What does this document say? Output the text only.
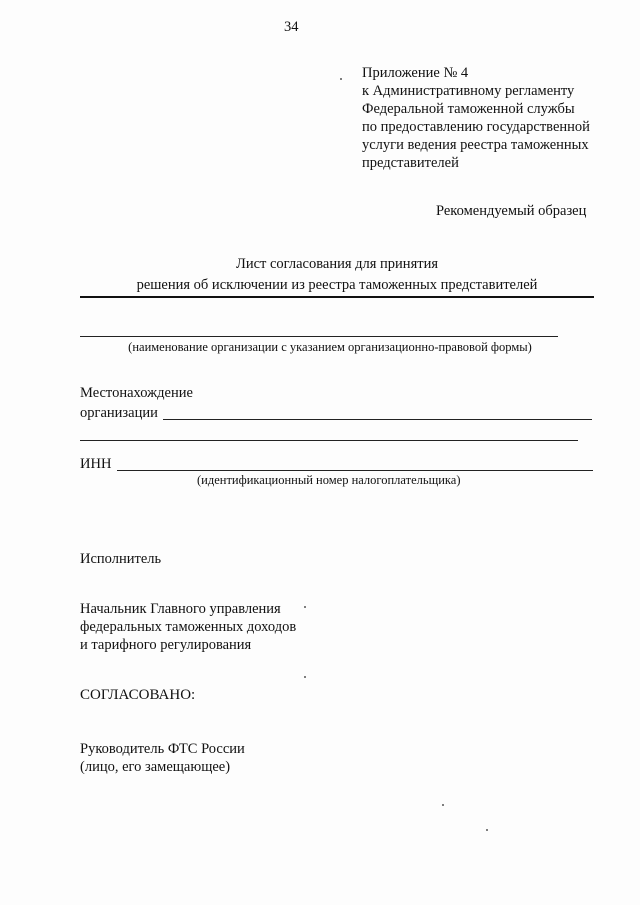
34
Приложение № 4
к Административному регламенту
Федеральной таможенной службы
по предоставлению государственной
услуги ведения реестра таможенных
представителей
Рекомендуемый образец
Лист согласования для принятия
решения об исключении из реестра таможенных представителей
(наименование организации с указанием организационно-правовой формы)
Местонахождение
организации
ИНН
(идентификационный номер налогоплательщика)
Исполнитель
Начальник Главного управления
федеральных таможенных доходов
и тарифного регулирования
СОГЛАСОВАНО:
Руководитель ФТС России
(лицо, его замещающее)
